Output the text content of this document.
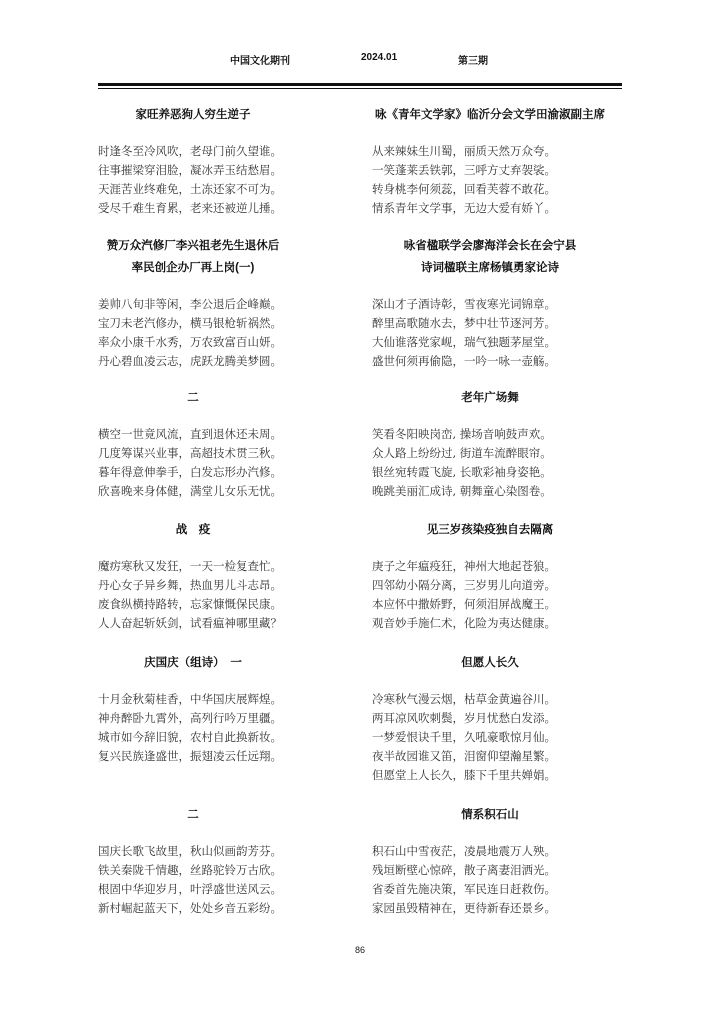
中国文化期刊	2024.01	第三期
家旺养恶狗人穷生逆子
时逢冬至冷风吹，老母门前久望谁。
往事摧梁穿泪脸，凝冰弄玉结愁眉。
天涯苦业终难免，土冻还家不可为。
受尽千难生育累，老来还被逆儿捶。
赞万众汽修厂李兴祖老先生退休后
率民创企办厂再上岗(一)
姜帅八旬非等闲，李公退后企峰巅。
宝刀未老汽修办，横马银枪斩祸然。
率众小康千水秀，万农致富百山妍。
丹心碧血凌云志，虎跃龙腾美梦圆。
二
横空一世竟风流，直到退休还未周。
几度筹谋兴业事，高超技术贯三秋。
暮年得意伸拳手，白发忘形办汽修。
欣喜晚来身体健，满堂儿女乐无忧。
战　疫
魔疠寒秋又发狂，一天一检复查忙。
丹心女子异乡舞，热血男儿斗志昂。
废食纵横持路转，忘家慷慨保民康。
人人奋起斩妖剑，试看瘟神哪里藏？
庆国庆（组诗）　一
十月金秋菊桂香，中华国庆展辉煌。
神舟醉卧九霄外，高列行吟万里疆。
城市如今辞旧貌，农村自此换新妆。
复兴民族逢盛世，振翅凌云任远翔。
二
国庆长歌飞故里，秋山似画韵芳芬。
铁关秦陇千情趣，丝路驼铃万古欣。
根固中华迎岁月，叶浮盛世送风云。
新村崛起蓝天下，处处乡音五彩纷。
咏《青年文学家》临沂分会文学田渝淑副主席
从来辣妹生川蜀，丽质天然万众夸。
一笑蓬莱丢铁郭，三呼方丈弃袈裟。
转身桃李何须蕊，回看芙蓉不敢花。
情系青年文学事，无边大爱有娇丫。
咏省楹联学会廖海洋会长在会宁县
诗词楹联主席杨镇勇家论诗
深山才子酒诗彰，雪夜寒光词锦章。
醉里高歌随水去，梦中壮节逐河芳。
大仙谁落党家岘，瑞气独题茅屋堂。
盛世何须再偷隐，一吟一咏一壶觞。
老年广场舞
笑看冬阳映岗峦, 操场音响鼓声欢。
众人路上纷纷过, 街道车流醉眼帘。
银丝宛转霞飞旋, 长歌彩袖身姿艳。
晚跳美丽汇成诗, 朝舞童心染图卷。
见三岁孩染疫独自去隔离
庚子之年瘟疫狂，神州大地起苍狼。
四邻幼小隔分离，三岁男儿向道旁。
本应怀中撒娇野，何须泪屏战魔王。
观音妙手施仁术，化险为夷达健康。
但愿人长久
冷寒秋气漫云烟，枯草金黄遍谷川。
两耳凉风吹刺鬓，岁月忧愁白发添。
一梦爱恨诀千里，久吼豪歌惊月仙。
夜半故园谁又笛，泪窗仰望瀚星繁。
但愿堂上人长久，膝下千里共婵娟。
情系积石山
积石山中雪夜茫，凌晨地震万人殃。
残垣断壁心惊碎，散子离妻泪洒光。
省委首先施决策，军民连日赶救伤。
家园虽毁精神在，更待新春还景乡。
86
